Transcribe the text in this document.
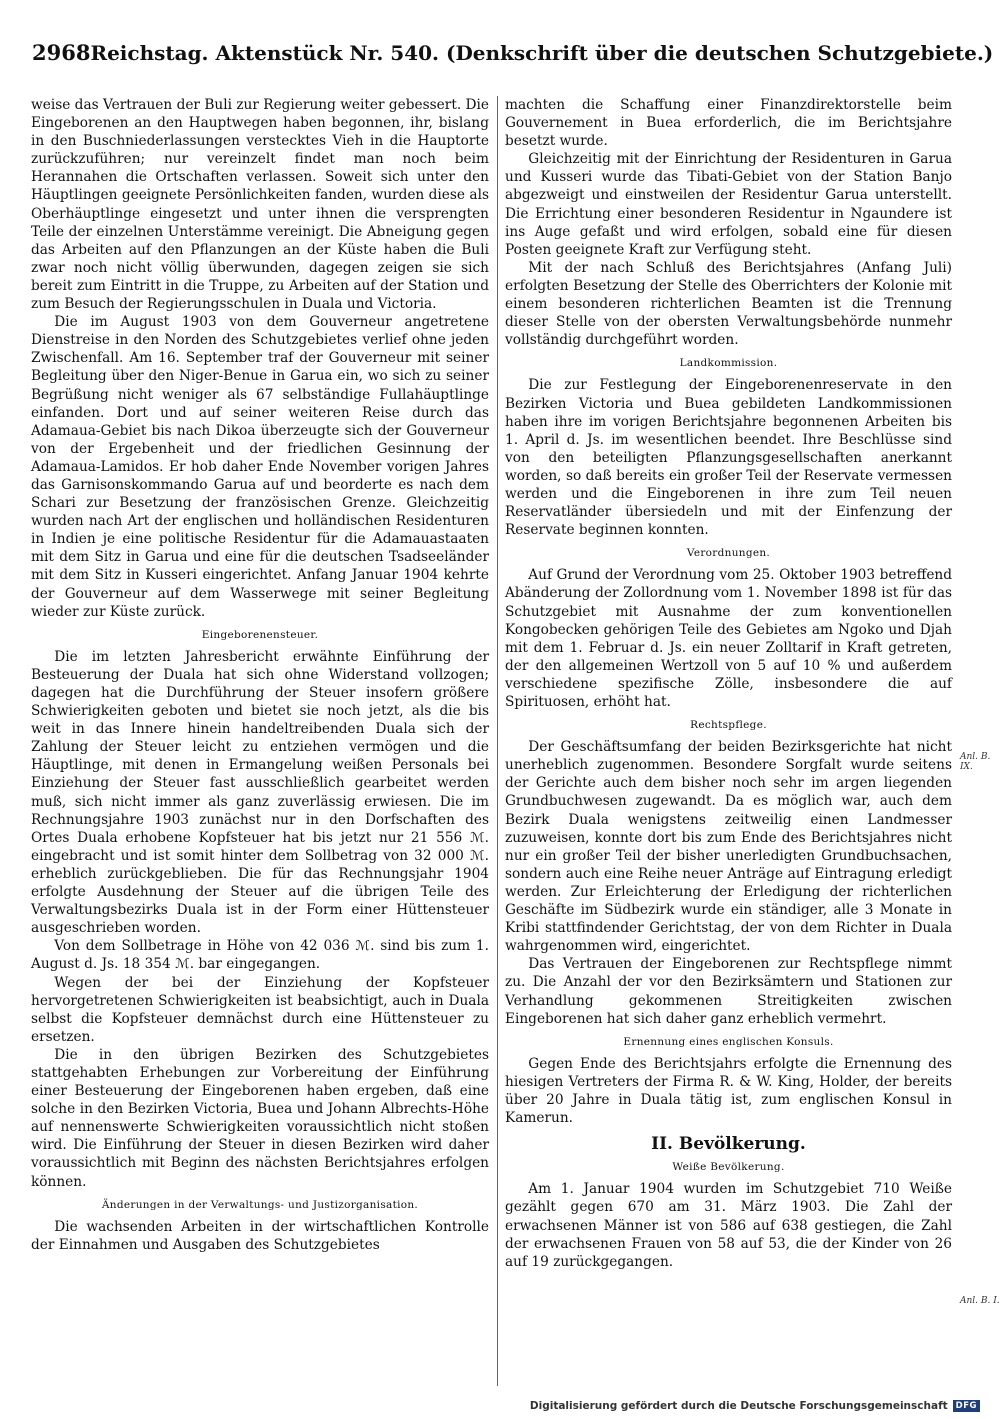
2968 Reichstag. Aktenstück Nr. 540. (Denkschrift über die deutschen Schutzgebiete.)

weise das Vertrauen der Buli zur Regierung weiter gebessert. Die Eingeborenen an den Hauptwegen haben begonnen, ihr, bislang in den Buschniederlassungen verstecktes Vieh in die Hauptorte zurückzuführen; nur vereinzelt findet man noch beim Herannahen die Ortschaften verlassen. Soweit sich unter den Häuptlingen geeignete Persönlichkeiten fanden, wurden diese als Oberhäuptlinge eingesetzt und unter ihnen die versprengten Teile der einzelnen Unterstämme vereinigt. Die Abneigung gegen das Arbeiten auf den Pflanzungen an der Küste haben die Buli zwar noch nicht völlig überwunden, dagegen zeigen sie sich bereit zum Eintritt in die Truppe, zu Arbeiten auf der Station und zum Besuch der Regierungsschulen in Duala und Victoria.

Die im August 1903 von dem Gouverneur angetretene Dienstreise in den Norden des Schutzgebietes verlief ohne jeden Zwischenfall. Am 16. September traf der Gouverneur mit seiner Begleitung über den Niger-Benue in Garua ein, wo sich zu seiner Begrüßung nicht weniger als 67 selbständige Fullahäuptlinge einfanden. Dort und auf seiner weiteren Reise durch das Adamaua-Gebiet bis nach Dikoa überzeugte sich der Gouverneur von der Ergebenheit und der friedlichen Gesinnung der Adamaua-Lamidos. Er hob daher Ende November vorigen Jahres das Garnisonskommando Garua auf und beorderte es nach dem Schari zur Besetzung der französischen Grenze. Gleichzeitig wurden nach Art der englischen und holländischen Residenturen in Indien je eine politische Residentur für die Adamauastaaten mit dem Sitz in Garua und eine für die deutschen Tsadseeländer mit dem Sitz in Kusseri eingerichtet. Anfang Januar 1904 kehrte der Gouverneur auf dem Wasserwege mit seiner Begleitung wieder zur Küste zurück.

Eingeborenensteuer.

Die im letzten Jahresbericht erwähnte Einführung der Besteuerung der Duala hat sich ohne Widerstand vollzogen; dagegen hat die Durchführung der Steuer insofern größere Schwierigkeiten geboten und bietet sie noch jetzt, als die bis weit in das Innere hinein handeltreibenden Duala sich der Zahlung der Steuer leicht zu entziehen vermögen und die Häuptlinge, mit denen in Ermangelung weißen Personals bei Einziehung der Steuer fast ausschließlich gearbeitet werden muß, sich nicht immer als ganz zuverlässig erwiesen. Die im Rechnungsjahre 1903 zunächst nur in den Dorfschaften des Ortes Duala erhobene Kopfsteuer hat bis jetzt nur 21 556 ℳ. eingebracht und ist somit hinter dem Sollbetrag von 32 000 ℳ. erheblich zurückgeblieben. Die für das Rechnungsjahr 1904 erfolgte Ausdehnung der Steuer auf die übrigen Teile des Verwaltungsbezirks Duala ist in der Form einer Hüttensteuer ausgeschrieben worden.

Von dem Sollbetrage in Höhe von 42 036 ℳ. sind bis zum 1. August d. Js. 18 354 ℳ. bar eingegangen.

Wegen der bei der Einziehung der Kopfsteuer hervorgetretenen Schwierigkeiten ist beabsichtigt, auch in Duala selbst die Kopfsteuer demnächst durch eine Hüttensteuer zu ersetzen.

Die in den übrigen Bezirken des Schutzgebietes stattgehabten Erhebungen zur Vorbereitung der Einführung einer Besteuerung der Eingeborenen haben ergeben, daß eine solche in den Bezirken Victoria, Buea und Johann Albrechts-Höhe auf nennenswerte Schwierigkeiten voraussichtlich nicht stoßen wird. Die Einführung der Steuer in diesen Bezirken wird daher voraussichtlich mit Beginn des nächsten Berichtsjahres erfolgen können.

Änderungen in der Verwaltungs- und Justizorganisation.

Die wachsenden Arbeiten in der wirtschaftlichen Kontrolle der Einnahmen und Ausgaben des Schutzgebietes

machten die Schaffung einer Finanzdirektorstelle beim Gouvernement in Buea erforderlich, die im Berichtsjahre besetzt wurde.

Gleichzeitig mit der Einrichtung der Residenturen in Garua und Kusseri wurde das Tibati-Gebiet von der Station Banjo abgezweigt und einstweilen der Residentur Garua unterstellt. Die Errichtung einer besonderen Residentur in Ngaundere ist ins Auge gefaßt und wird erfolgen, sobald eine für diesen Posten geeignete Kraft zur Verfügung steht.

Mit der nach Schluß des Berichtsjahres (Anfang Juli) erfolgten Besetzung der Stelle des Oberrichters der Kolonie mit einem besonderen richterlichen Beamten ist die Trennung dieser Stelle von der obersten Verwaltungsbehörde nunmehr vollständig durchgeführt worden.

Landkommission.

Die zur Festlegung der Eingeborenenreservate in den Bezirken Victoria und Buea gebildeten Landkommissionen haben ihre im vorigen Berichtsjahre begonnenen Arbeiten bis 1. April d. Js. im wesentlichen beendet. Ihre Beschlüsse sind von den beteiligten Pflanzungsgesellschaften anerkannt worden, so daß bereits ein großer Teil der Reservate vermessen werden und die Eingeborenen in ihre zum Teil neuen Reservatländer übersiedeln und mit der Einfenzung der Reservate beginnen konnten.

Verordnungen.

Auf Grund der Verordnung vom 25. Oktober 1903 betreffend Abänderung der Zollordnung vom 1. November 1898 ist für das Schutzgebiet mit Ausnahme der zum konventionellen Kongobecken gehörigen Teile des Gebietes am Ngoko und Djah mit dem 1. Februar d. Js. ein neuer Zolltarif in Kraft getreten, der den allgemeinen Wertzoll von 5 auf 10 % und außerdem verschiedene spezifische Zölle, insbesondere die auf Spirituosen, erhöht hat.

Rechtspflege.

Der Geschäftsumfang der beiden Bezirksgerichte hat nicht unerheblich zugenommen. Besondere Sorgfalt wurde seitens der Gerichte auch dem bisher noch sehr im argen liegenden Grundbuchwesen zugewandt. Da es möglich war, auch dem Bezirk Duala wenigstens zeitweilig einen Landmesser zuzuweisen, konnte dort bis zum Ende des Berichtsjahres nicht nur ein großer Teil der bisher unerledigten Grundbuchsachen, sondern auch eine Reihe neuer Anträge auf Eintragung erledigt werden. Zur Erleichterung der Erledigung der richterlichen Geschäfte im Südbezirk wurde ein ständiger, alle 3 Monate in Kribi stattfindender Gerichtstag, der von dem Richter in Duala wahrgenommen wird, eingerichtet.

Das Vertrauen der Eingeborenen zur Rechtspflege nimmt zu. Die Anzahl der vor den Bezirksämtern und Stationen zur Verhandlung gekommenen Streitigkeiten zwischen Eingeborenen hat sich daher ganz erheblich vermehrt.

Ernennung eines englischen Konsuls.

Gegen Ende des Berichtsjahrs erfolgte die Ernennung des hiesigen Vertreters der Firma R. & W. King, Holder, der bereits über 20 Jahre in Duala tätig ist, zum englischen Konsul in Kamerun.

II. Bevölkerung.
Weiße Bevölkerung.

Am 1. Januar 1904 wurden im Schutzgebiet 710 Weiße gezählt gegen 670 am 31. März 1903. Die Zahl der erwachsenen Männer ist von 586 auf 638 gestiegen, die Zahl der erwachsenen Frauen von 58 auf 53, die der Kinder von 26 auf 19 zurückgegangen.

Anl. B. IX.
Anl. B. I.
Digitalisierung gefördert durch die Deutsche Forschungsgemeinschaft DFG
